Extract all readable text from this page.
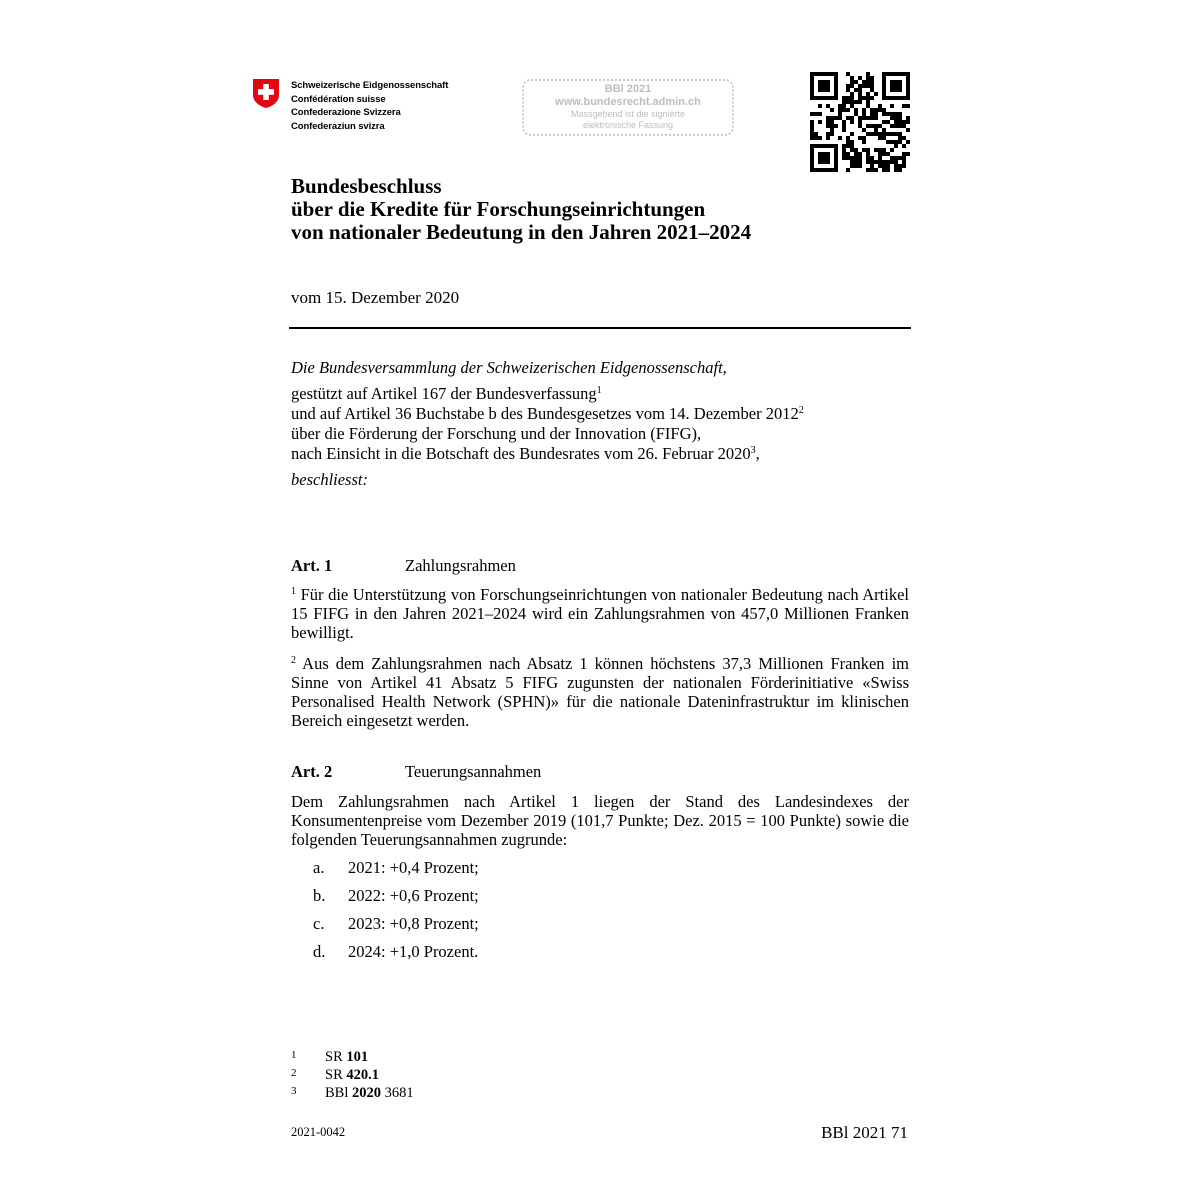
Schweizerische Eidgenossenschaft
Confédération suisse
Confederazione Svizzera
Confederaziun svizra
BBl 2021
www.bundesrecht.admin.ch
Massgebend ist die signierte
elektronische Fassung
Bundesbeschluss
über die Kredite für Forschungseinrichtungen
von nationaler Bedeutung in den Jahren 2021–2024
vom 15. Dezember 2020
Die Bundesversammlung der Schweizerischen Eidgenossenschaft,
gestützt auf Artikel 167 der Bundesverfassung$^1$
und auf Artikel 36 Buchstabe b des Bundesgesetzes vom 14. Dezember 2012$^2$
über die Förderung der Forschung und der Innovation (FIFG),
nach Einsicht in die Botschaft des Bundesrates vom 26. Februar 2020$^3$,
beschliesst:
Art. 1	Zahlungsrahmen
$^1$ Für die Unterstützung von Forschungseinrichtungen von nationaler Bedeutung nach Artikel 15 FIFG in den Jahren 2021–2024 wird ein Zahlungsrahmen von 457,0 Millionen Franken bewilligt.
$^2$ Aus dem Zahlungsrahmen nach Absatz 1 können höchstens 37,3 Millionen Franken im Sinne von Artikel 41 Absatz 5 FIFG zugunsten der nationalen Förderinitiative «Swiss Personalised Health Network (SPHN)» für die nationale Dateninfrastruktur im klinischen Bereich eingesetzt werden.
Art. 2	Teuerungsannahmen
Dem Zahlungsrahmen nach Artikel 1 liegen der Stand des Landesindexes der Konsumentenpreise vom Dezember 2019 (101,7 Punkte; Dez. 2015 = 100 Punkte) sowie die folgenden Teuerungsannahmen zugrunde:
a. 2021: +0,4 Prozent;
b. 2022: +0,6 Prozent;
c. 2023: +0,8 Prozent;
d. 2024: +1,0 Prozent.
1 SR 101
2 SR 420.1
3 BBl 2020 3681
2021-0042	BBl 2021 71
